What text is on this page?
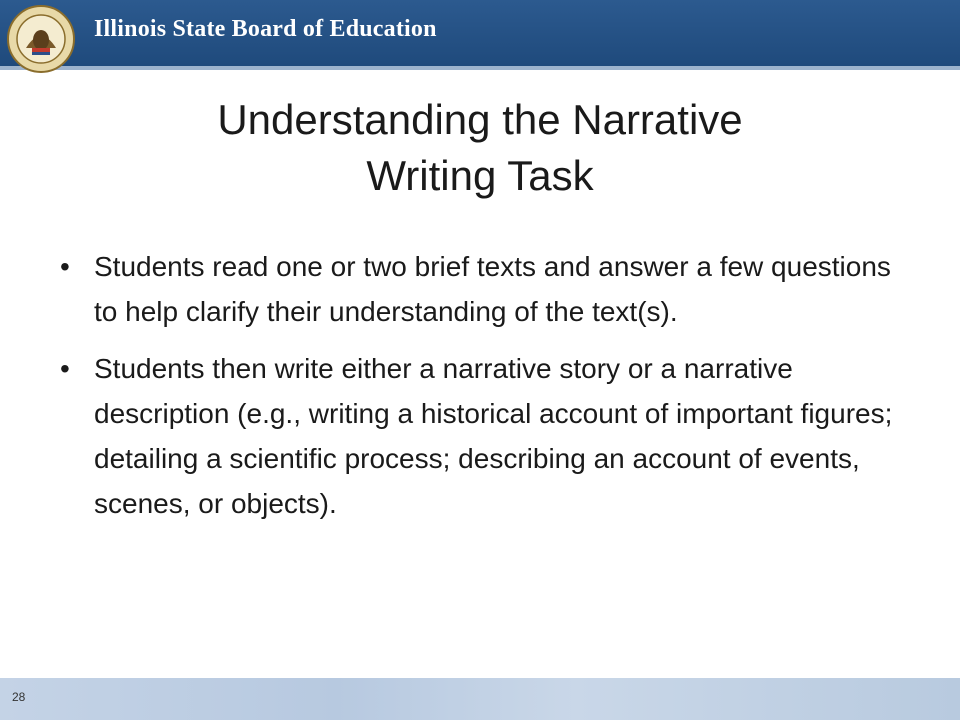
Illinois State Board of Education
Understanding the Narrative
Writing Task
• Students read one or two brief texts and answer a few questions to help clarify their understanding of the text(s).
• Students then write either a narrative story or a narrative description (e.g., writing a historical account of important figures; detailing a scientific process; describing an account of events, scenes, or objects).
28
